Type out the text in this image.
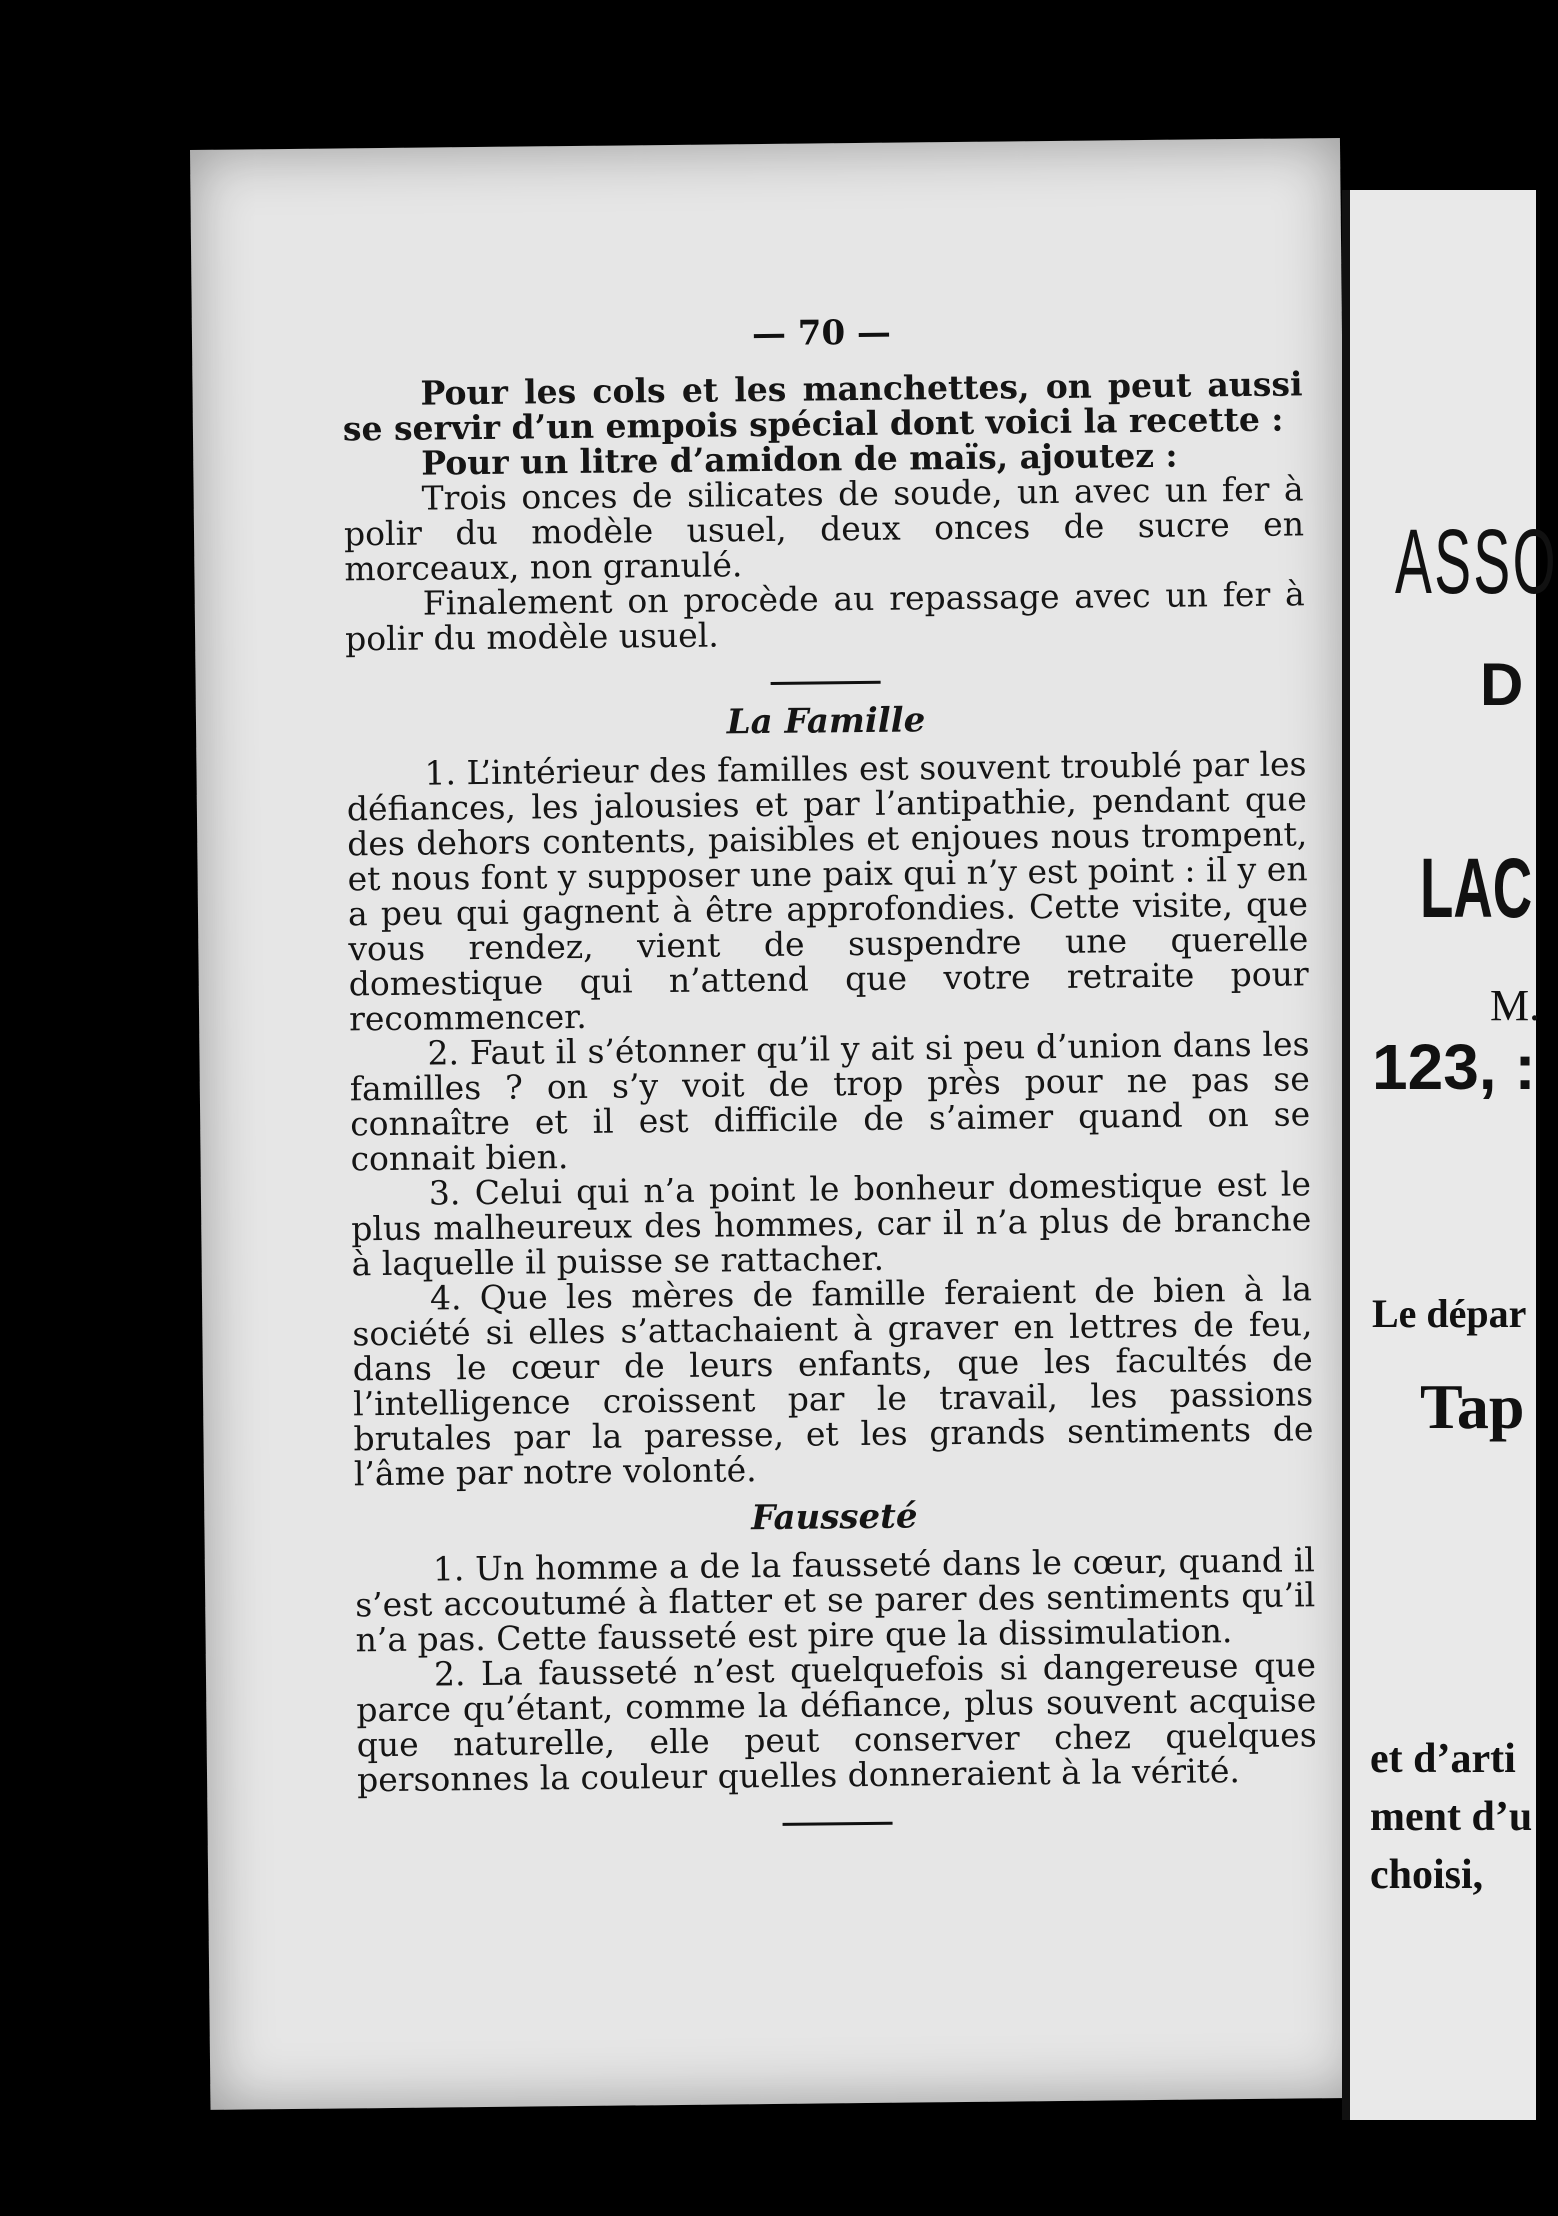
— 70 —

Pour les cols et les manchettes, on peut aussi se servir d’un empois spécial dont voici la recette :

Pour un litre d’amidon de maïs, ajoutez :

Trois onces de silicates de soude, un avec un fer à polir du modèle usuel, deux onces de sucre en morceaux, non granulé.

Finalement on procède au repassage avec un fer à polir du modèle usuel.

La Famille

1. L’intérieur des familles est souvent troublé par les défiances, les jalousies et par l’antipathie, pendant que des dehors contents, paisibles et enjoues nous trompent, et nous font y supposer une paix qui n’y est point : il y en a peu qui gagnent à être approfondies. Cette visite, que vous rendez, vient de suspendre une querelle domestique qui n’attend que votre retraite pour recommencer.

2. Faut il s’étonner qu’il y ait si peu d’union dans les familles ? on s’y voit de trop près pour ne pas se connaître et il est difficile de s’aimer quand on se connait bien.

3. Celui qui n’a point le bonheur domestique est le plus malheureux des hommes, car il n’a plus de branche à laquelle il puisse se rattacher.

4. Que les mères de famille feraient de bien à la société si elles s’attachaient à graver en lettres de feu, dans le cœur de leurs enfants, que les facultés de l’intelligence croissent par le travail, les passions brutales par la paresse, et les grands sentiments de l’âme par notre volonté.

Fausseté

1. Un homme a de la fausseté dans le cœur, quand il s’est accoutumé à flatter et se parer des sentiments qu’il n’a pas. Cette fausseté est pire que la dissimulation.

2. La fausseté n’est quelquefois si dangereuse que parce qu’étant, comme la défiance, plus souvent acquise que naturelle, elle peut conserver chez quelques personnes la couleur quelles donneraient à la vérité.

ASSO
D
LAC
M.
123, :
Le dépar
Tap
et d’arti
ment d’u
choisi,
